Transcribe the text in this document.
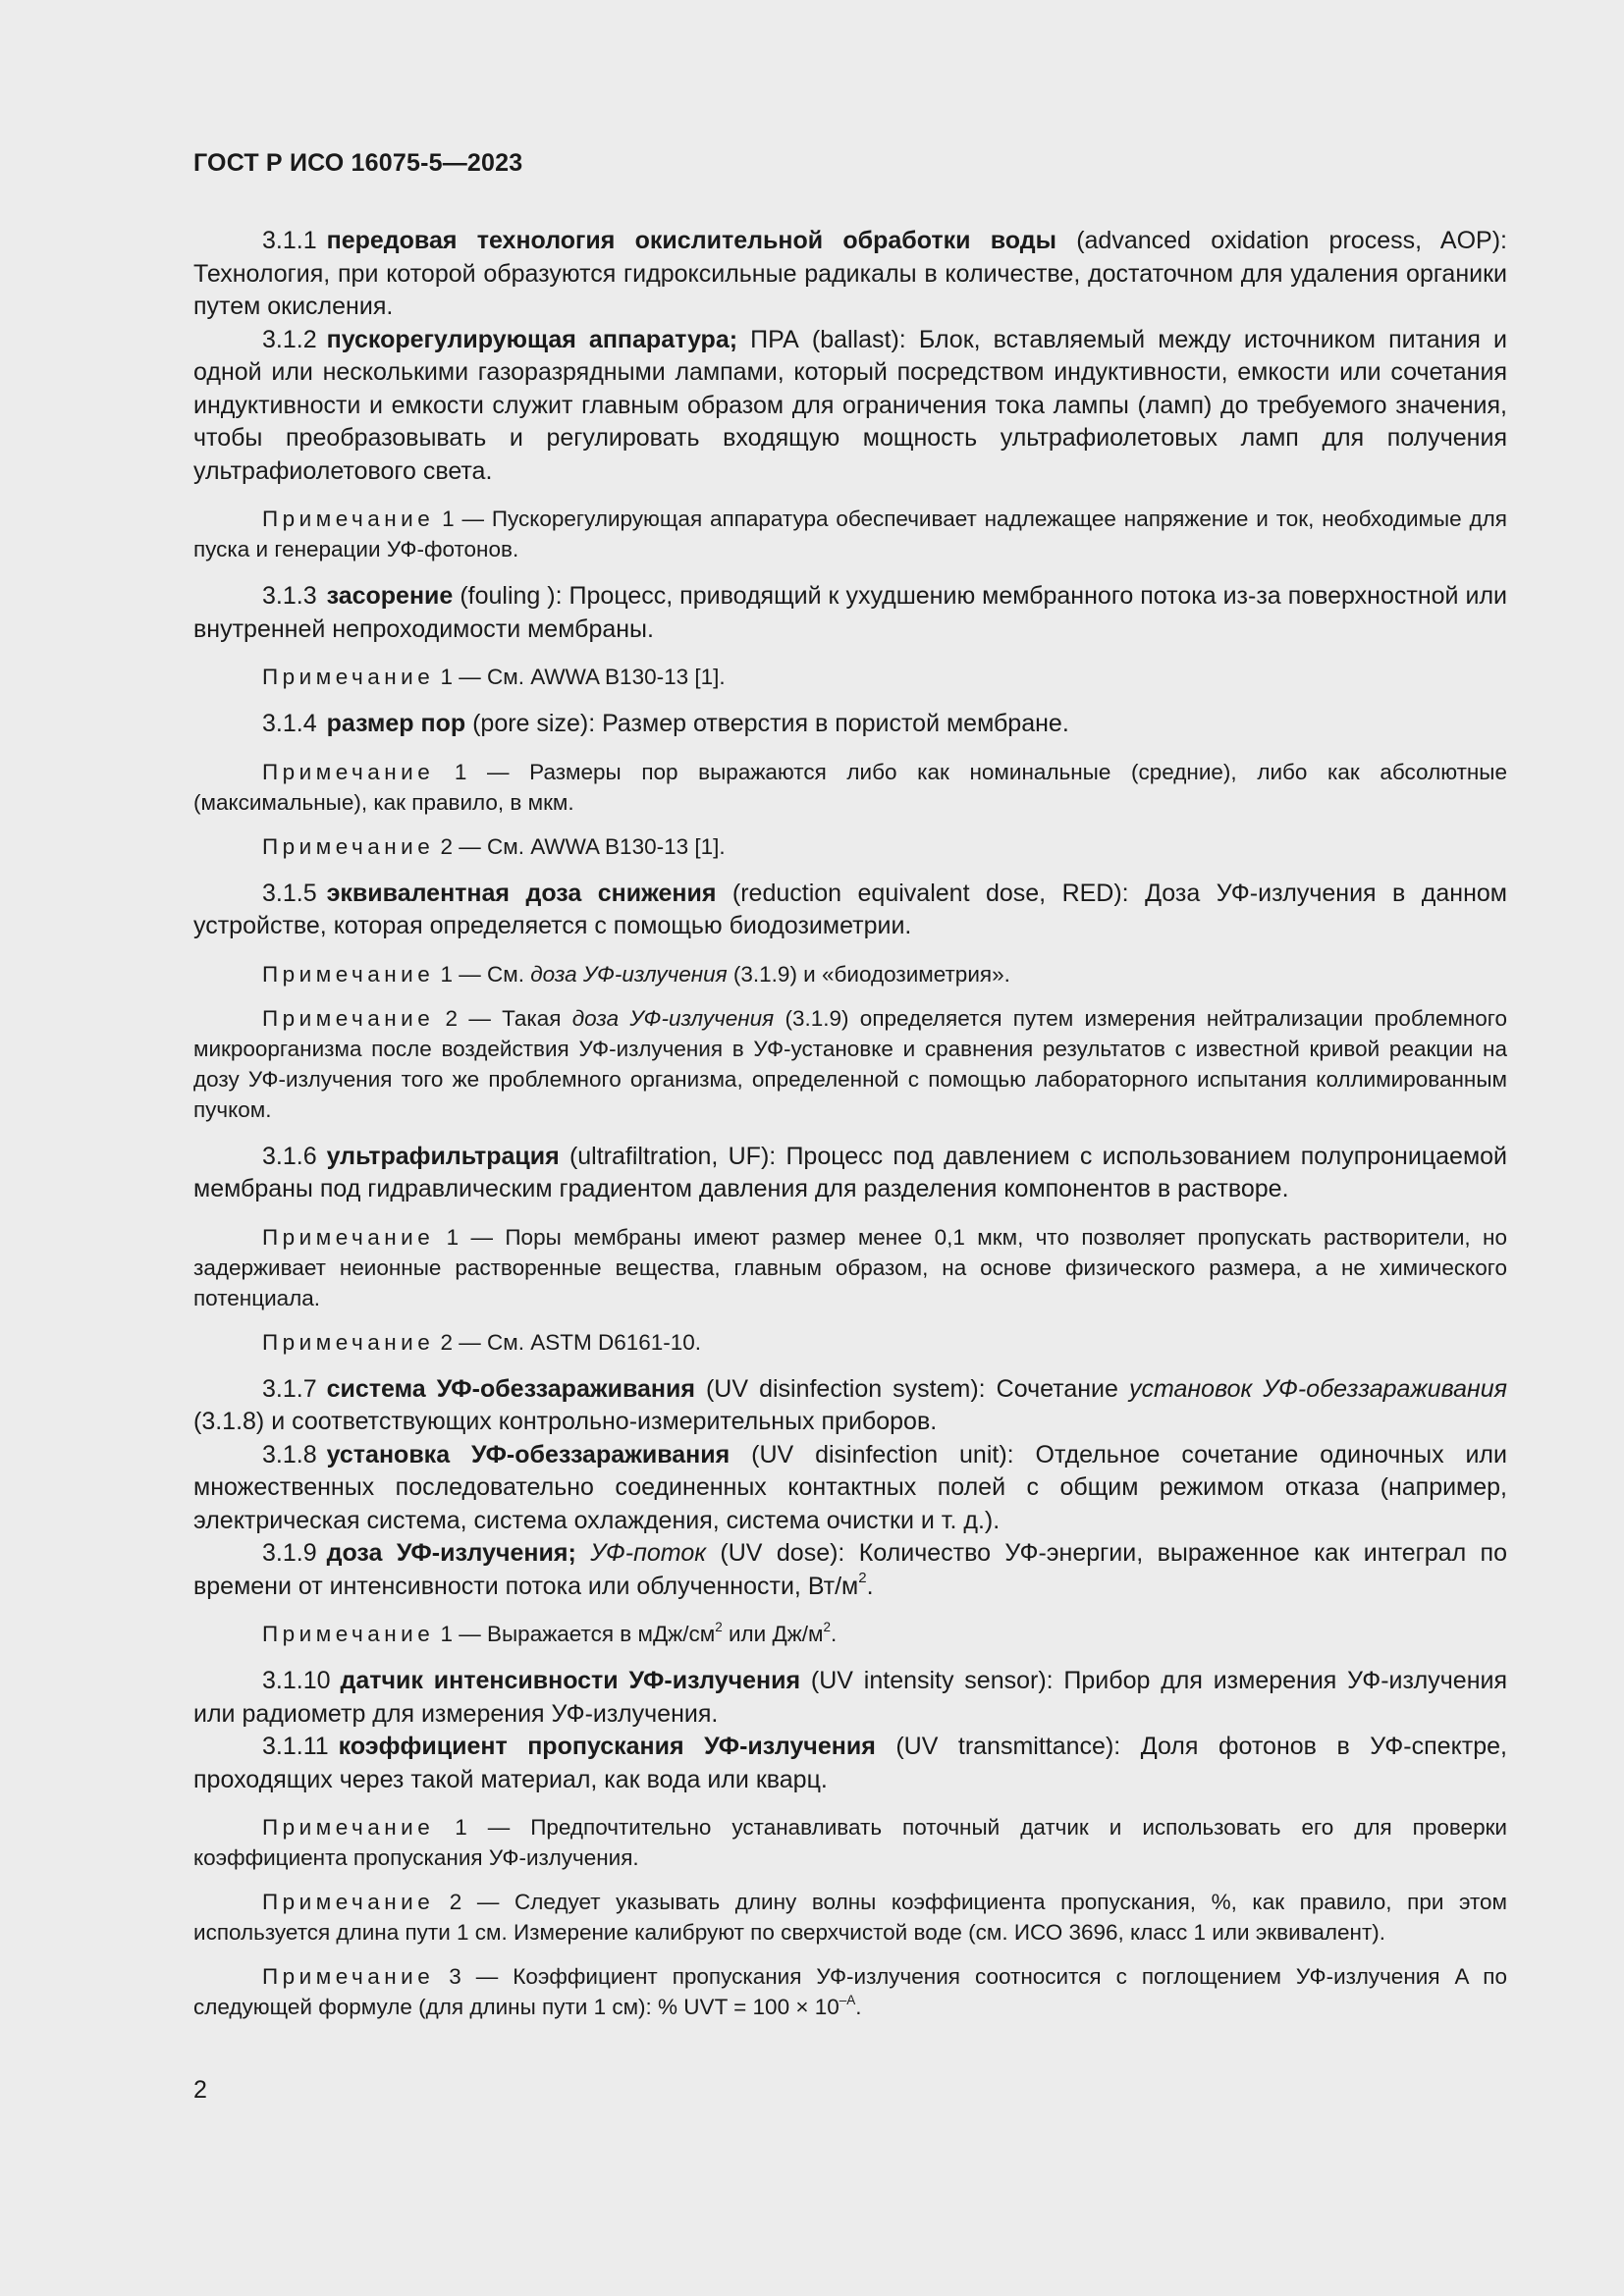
ГОСТ Р ИСО 16075-5—2023

3.1.1 передовая технология окислительной обработки воды (advanced oxidation process, AOP): Технология, при которой образуются гидроксильные радикалы в количестве, достаточном для удаления органики путем окисления.

3.1.2 пускорегулирующая аппаратура; ПРА (ballast): Блок, вставляемый между источником питания и одной или несколькими газоразрядными лампами, который посредством индуктивности, емкости или сочетания индуктивности и емкости служит главным образом для ограничения тока лампы (ламп) до требуемого значения, чтобы преобразовывать и регулировать входящую мощность ультрафиолетовых ламп для получения ультрафиолетового света.

Примечание 1 — Пускорегулирующая аппаратура обеспечивает надлежащее напряжение и ток, необходимые для пуска и генерации УФ-фотонов.

3.1.3 засорение (fouling ): Процесс, приводящий к ухудшению мембранного потока из-за поверхностной или внутренней непроходимости мембраны.

Примечание 1 — См. AWWA B130-13 [1].

3.1.4 размер пор (pore size): Размер отверстия в пористой мембране.

Примечание 1 — Размеры пор выражаются либо как номинальные (средние), либо как абсолютные (максимальные), как правило, в мкм.

Примечание 2 — См. AWWA B130-13 [1].

3.1.5 эквивалентная доза снижения (reduction equivalent dose, RED): Доза УФ-излучения в данном устройстве, которая определяется с помощью биодозиметрии.

Примечание 1 — См. доза УФ-излучения (3.1.9) и «биодозиметрия».

Примечание 2 — Такая доза УФ-излучения (3.1.9) определяется путем измерения нейтрализации проблемного микроорганизма после воздействия УФ-излучения в УФ-установке и сравнения результатов с известной кривой реакции на дозу УФ-излучения того же проблемного организма, определенной с помощью лабораторного испытания коллимированным пучком.

3.1.6 ультрафильтрация (ultrafiltration, UF): Процесс под давлением с использованием полупроницаемой мембраны под гидравлическим градиентом давления для разделения компонентов в растворе.

Примечание 1 — Поры мембраны имеют размер менее 0,1 мкм, что позволяет пропускать растворители, но задерживает неионные растворенные вещества, главным образом, на основе физического размера, а не химического потенциала.

Примечание 2 — См. ASTM D6161-10.

3.1.7 система УФ-обеззараживания (UV disinfection system): Сочетание установок УФ-обеззараживания (3.1.8) и соответствующих контрольно-измерительных приборов.

3.1.8 установка УФ-обеззараживания (UV disinfection unit): Отдельное сочетание одиночных или множественных последовательно соединенных контактных полей с общим режимом отказа (например, электрическая система, система охлаждения, система очистки и т. д.).

3.1.9 доза УФ-излучения; УФ-поток (UV dose): Количество УФ-энергии, выраженное как интеграл по времени от интенсивности потока или облученности, $Вт/м^2$.

Примечание 1 — Выражается в мДж/$см^2$ или $Дж/м^2$.

3.1.10 датчик интенсивности УФ-излучения (UV intensity sensor): Прибор для измерения УФ-излучения или радиометр для измерения УФ-излучения.

3.1.11 коэффициент пропускания УФ-излучения (UV transmittance): Доля фотонов в УФ-спектре, проходящих через такой материал, как вода или кварц.

Примечание 1 — Предпочтительно устанавливать поточный датчик и использовать его для проверки коэффициента пропускания УФ-излучения.

Примечание 2 — Следует указывать длину волны коэффициента пропускания, %, как правило, при этом используется длина пути 1 см. Измерение калибруют по сверхчистой воде (см. ИСО 3696, класс 1 или эквивалент).

Примечание 3 — Коэффициент пропускания УФ-излучения соотносится с поглощением УФ-излучения A по следующей формуле (для длины пути 1 см): % UVT = $100 \times 10^{-A}$.

2
